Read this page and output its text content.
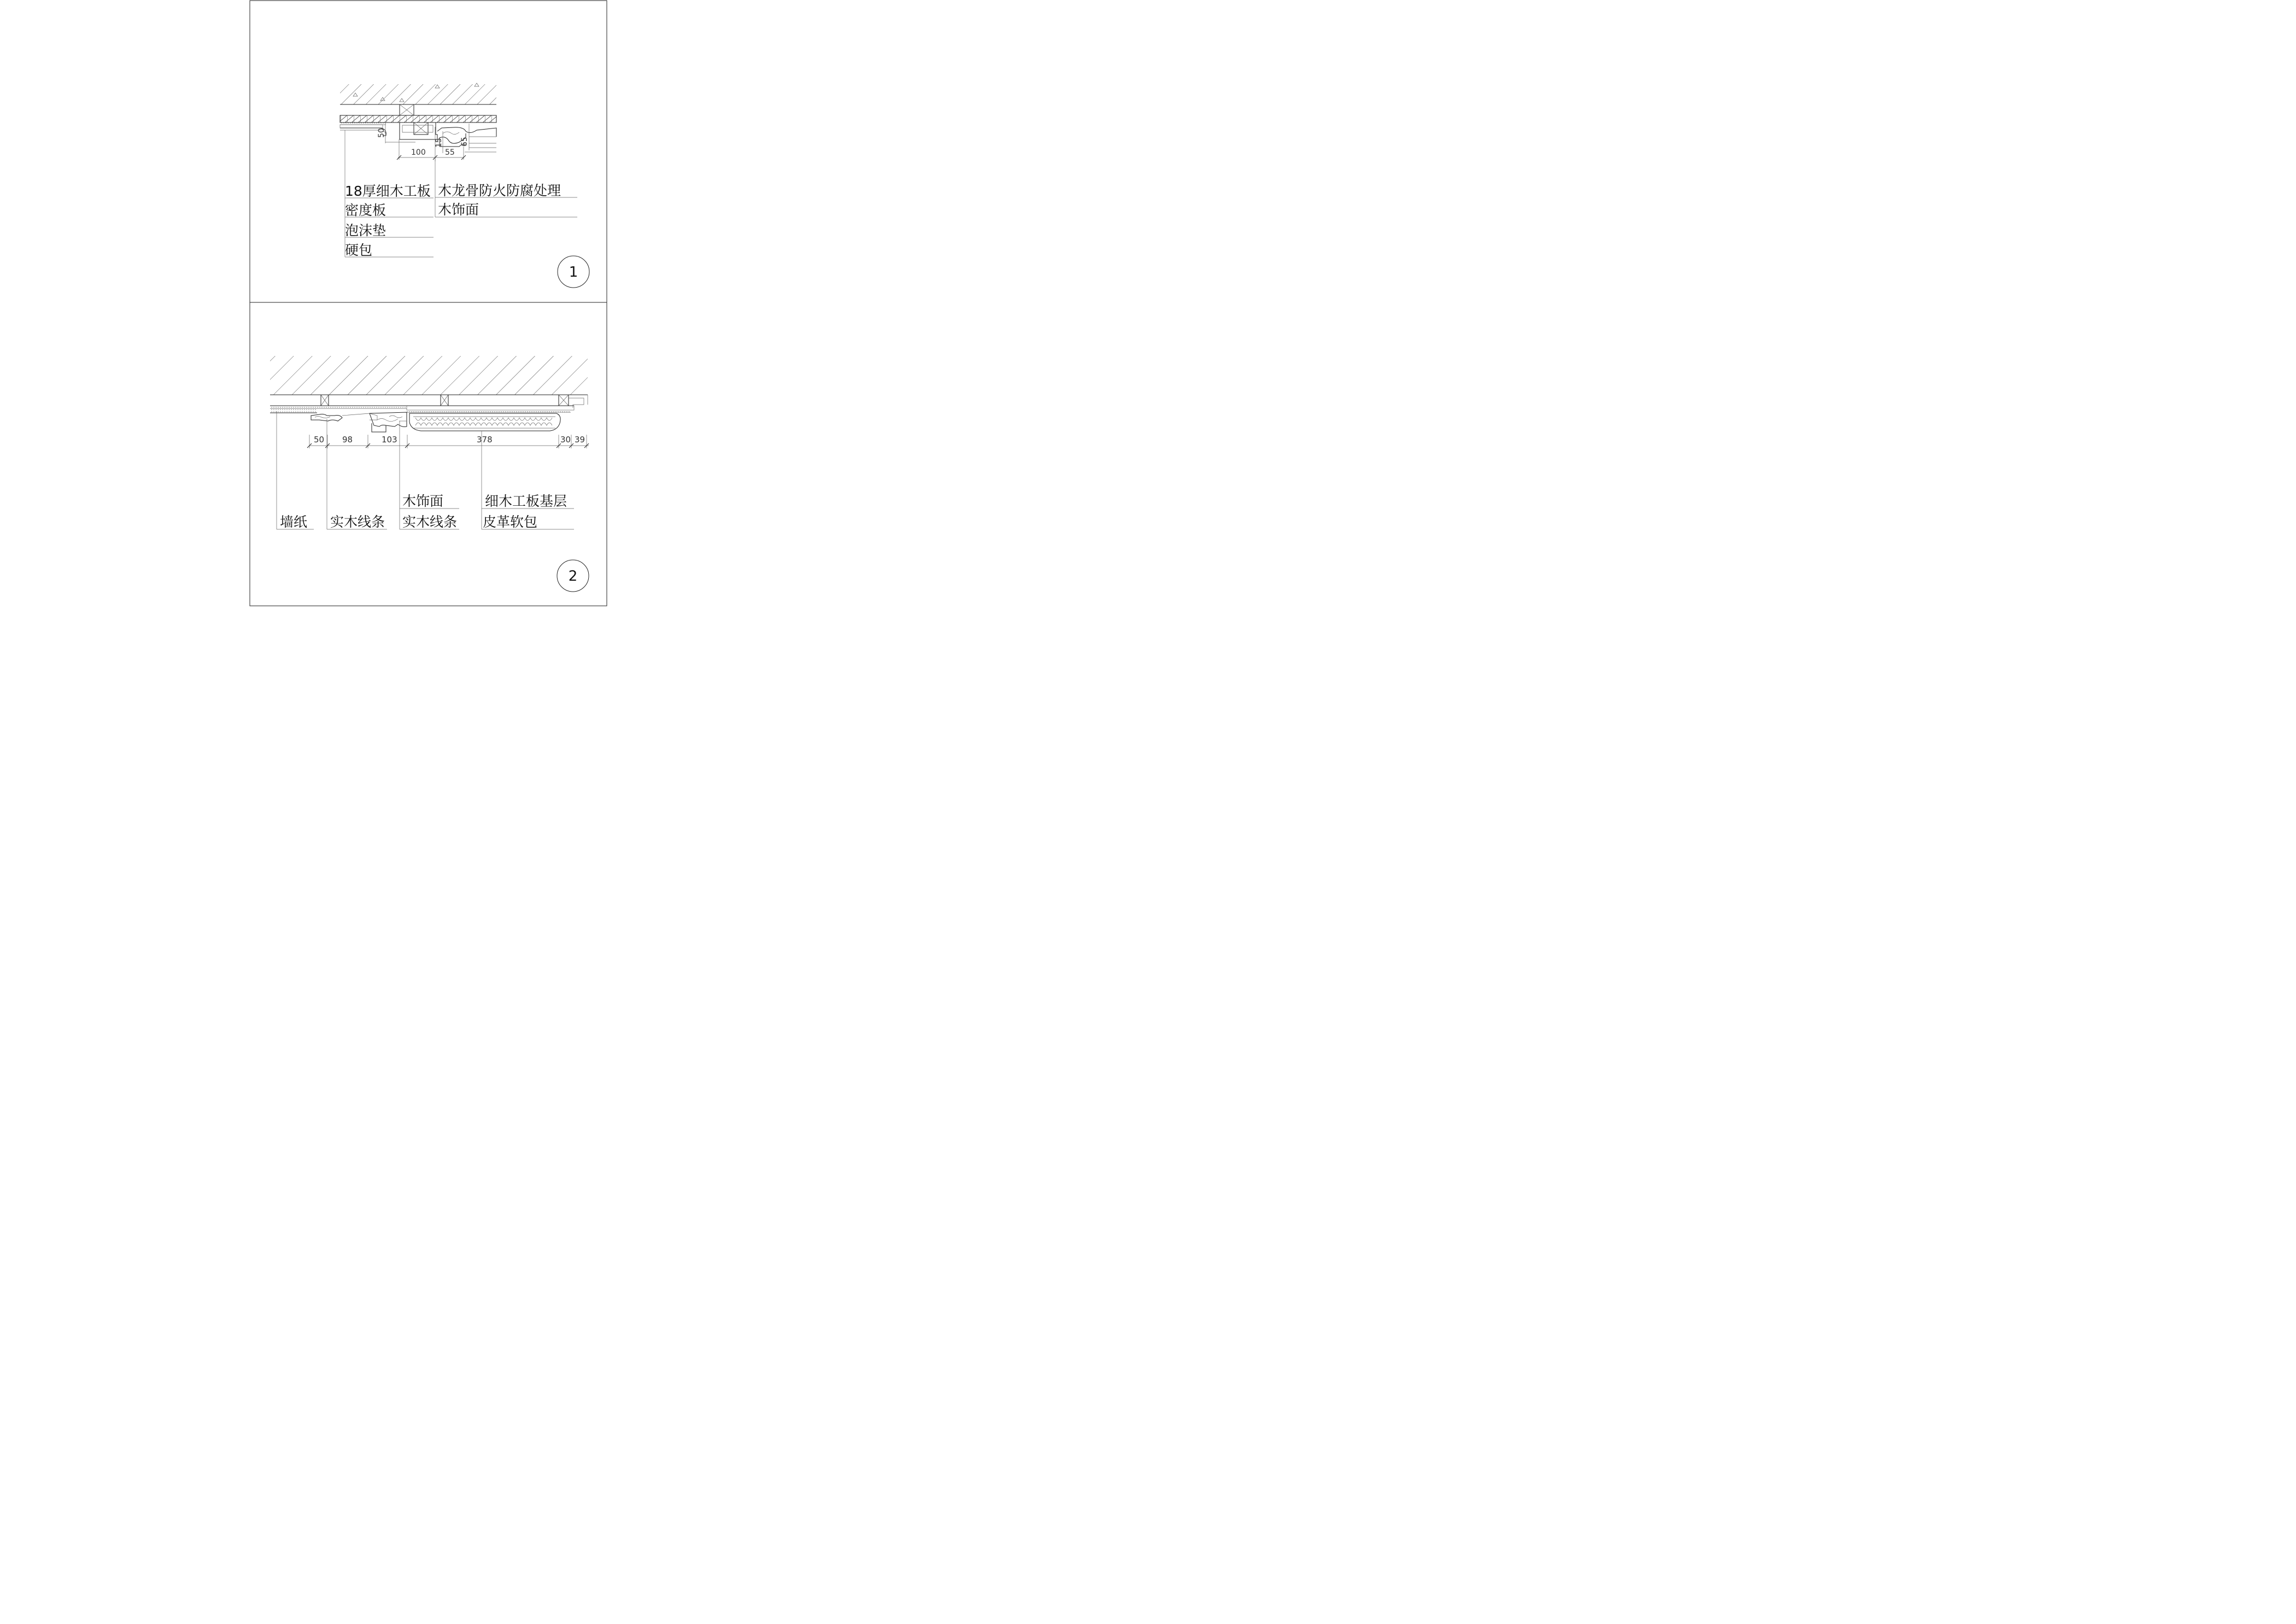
100	55
50
15 65
18厚细木工板
密度板
泡沫垫
硬包
木龙骨防火防腐处理
木饰面
1
50 98	103	378	30 39
墙纸 实木线条
木饰面
实木线条
细木工板基层
皮革软包
2
